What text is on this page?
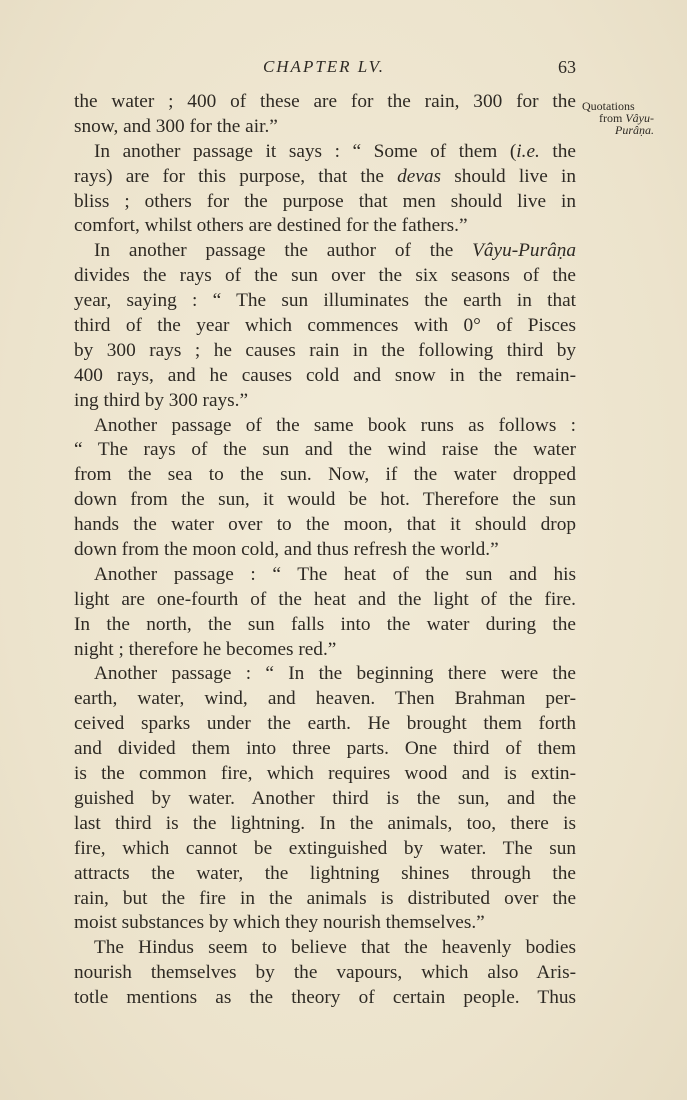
CHAPTER LV.	63
Quotations
from Vâyu-
Purâṇa.
the water ; 400 of these are for the rain, 300 for the
snow, and 300 for the air.”
In another passage it says : “ Some of them (i.e. the
rays) are for this purpose, that the devas should live in
bliss ; others for the purpose that men should live in
comfort, whilst others are destined for the fathers.”
In another passage the author of the Vâyu-Purâṇa
divides the rays of the sun over the six seasons of the
year, saying : “ The sun illuminates the earth in that
third of the year which commences with 0° of Pisces
by 300 rays ; he causes rain in the following third by
400 rays, and he causes cold and snow in the remain-
ing third by 300 rays.”
Another passage of the same book runs as follows :
“ The rays of the sun and the wind raise the water
from the sea to the sun. Now, if the water dropped
down from the sun, it would be hot. Therefore the sun
hands the water over to the moon, that it should drop
down from the moon cold, and thus refresh the world.”
Another passage : “ The heat of the sun and his
light are one-fourth of the heat and the light of the fire.
In the north, the sun falls into the water during the
night ; therefore he becomes red.”
Another passage : “ In the beginning there were the
earth, water, wind, and heaven. Then Brahman per-
ceived sparks under the earth. He brought them forth
and divided them into three parts. One third of them
is the common fire, which requires wood and is extin-
guished by water. Another third is the sun, and the
last third is the lightning. In the animals, too, there is
fire, which cannot be extinguished by water. The sun
attracts the water, the lightning shines through the
rain, but the fire in the animals is distributed over the
moist substances by which they nourish themselves.”
The Hindus seem to believe that the heavenly bodies
nourish themselves by the vapours, which also Aris-
totle mentions as the theory of certain people. Thus
